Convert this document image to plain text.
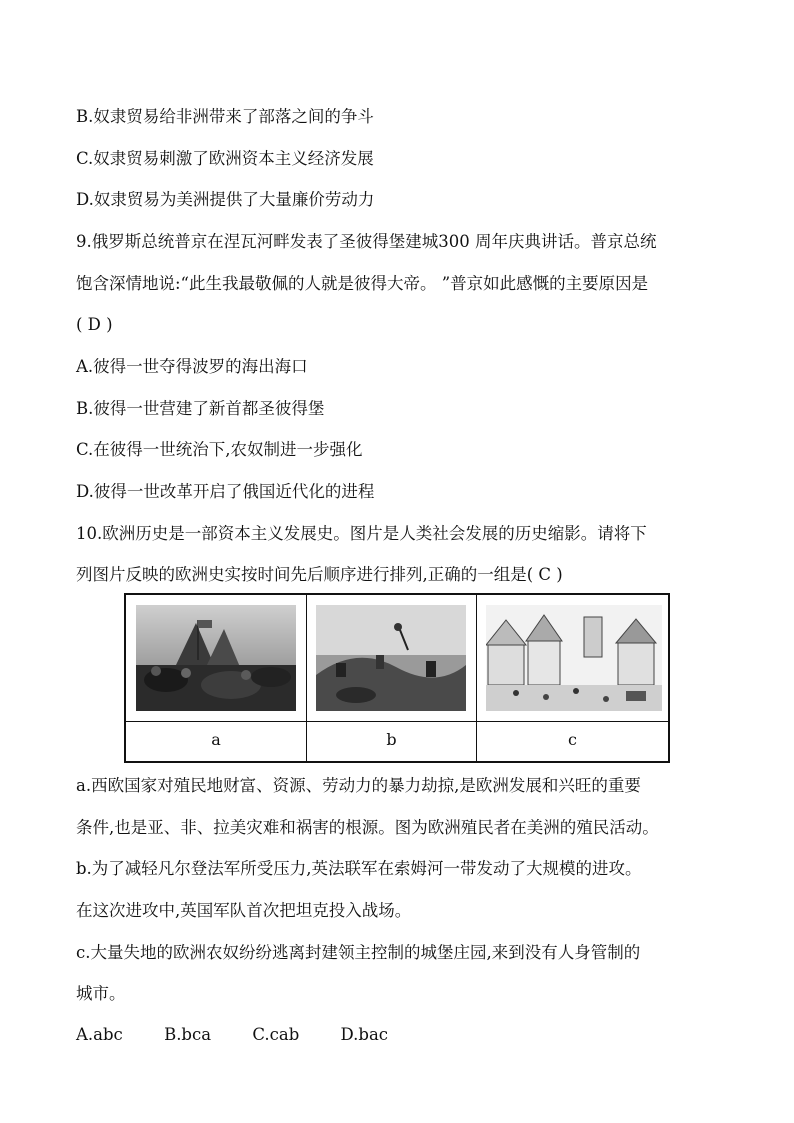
B.奴隶贸易给非洲带来了部落之间的争斗
C.奴隶贸易刺激了欧洲资本主义经济发展
D.奴隶贸易为美洲提供了大量廉价劳动力
9.俄罗斯总统普京在涅瓦河畔发表了圣彼得堡建城300 周年庆典讲话。普京总统
饱含深情地说:“此生我最敬佩的人就是彼得大帝。 ”普京如此感慨的主要原因是
( D )
A.彼得一世夺得波罗的海出海口
B.彼得一世营建了新首都圣彼得堡
C.在彼得一世统治下,农奴制进一步强化
D.彼得一世改革开启了俄国近代化的进程
10.欧洲历史是一部资本主义发展史。图片是人类社会发展的历史缩影。请将下
列图片反映的欧洲史实按时间先后顺序进行排列,正确的一组是( C )
a	b	c
a.西欧国家对殖民地财富、资源、劳动力的暴力劫掠,是欧洲发展和兴旺的重要
条件,也是亚、非、拉美灾难和祸害的根源。图为欧洲殖民者在美洲的殖民活动。
b.为了减轻凡尔登法军所受压力,英法联军在索姆河一带发动了大规模的进攻。
在这次进攻中,英国军队首次把坦克投入战场。
c.大量失地的欧洲农奴纷纷逃离封建领主控制的城堡庄园,来到没有人身管制的
城市。
A.abc	B.bca	C.cab	D.bac
